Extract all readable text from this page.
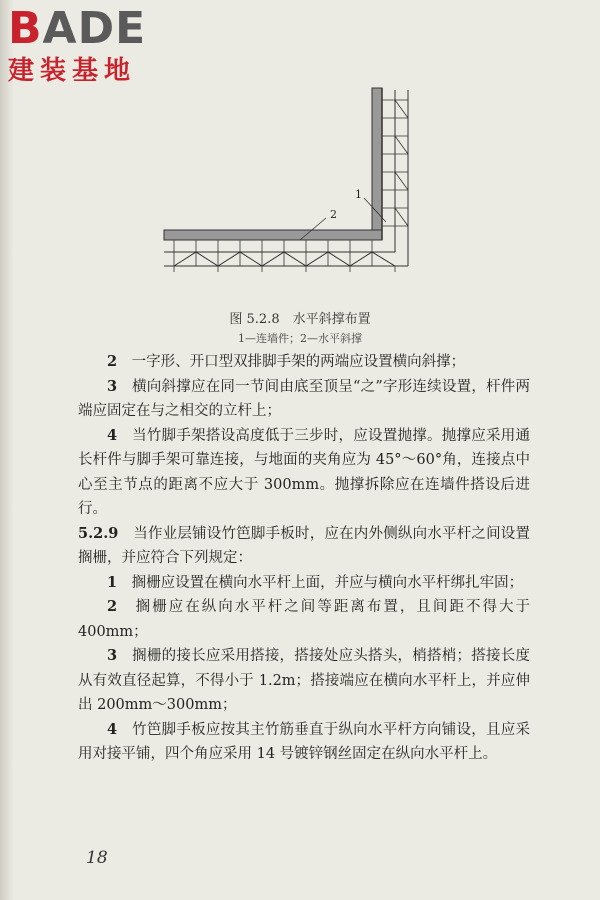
BADE
建装基地
1
2
图 5.2.8　水平斜撑布置
1—连墙件；2—水平斜撑

2　 一字形、开口型双排脚手架的两端应设置横向斜撑；

3　 横向斜撑应在同一节间由底至顶呈“之”字形连续设置，杆件两端应固定在与之相交的立杆上；

4　 当竹脚手架搭设高度低于三步时，应设置抛撑。抛撑应采用通长杆件与脚手架可靠连接，与地面的夹角应为 45°～60°角，连接点中心至主节点的距离不应大于 300mm。抛撑拆除应在连墙件搭设后进行。

5.2.9　 当作业层铺设竹笆脚手板时，应在内外侧纵向水平杆之间设置搁栅，并应符合下列规定：

1　 搁栅应设置在横向水平杆上面，并应与横向水平杆绑扎牢固；

2　 搁栅应在纵向水平杆之间等距离布置，且间距不得大于 400mm；

3　 搁栅的接长应采用搭接，搭接处应头搭头，梢搭梢；搭接长度从有效直径起算，不得小于 1.2m；搭接端应在横向水平杆上，并应伸出 200mm～300mm；

4　 竹笆脚手板应按其主竹筋垂直于纵向水平杆方向铺设，且应采用对接平铺，四个角应采用 14 号镀锌钢丝固定在纵向水平杆上。

18
